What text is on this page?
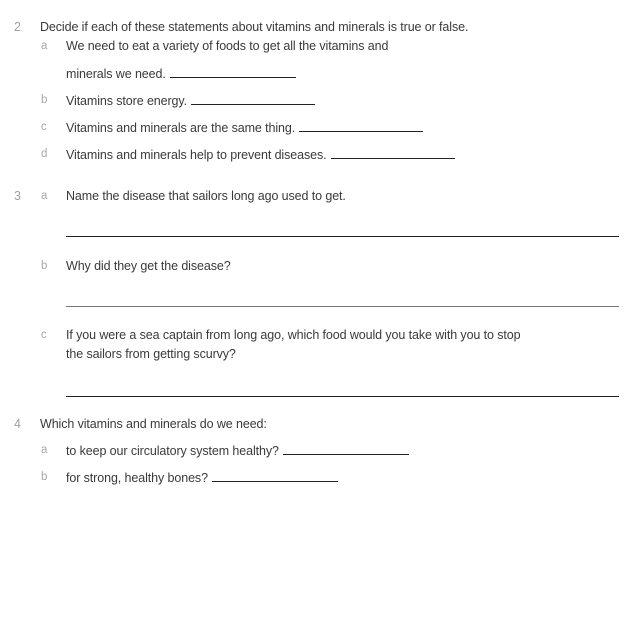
2 Decide if each of these statements about vitamins and minerals is true or false.
a We need to eat a variety of foods to get all the vitamins and
minerals we need.
b Vitamins store energy.
c Vitamins and minerals are the same thing.
d Vitamins and minerals help to prevent diseases.
3 a Name the disease that sailors long ago used to get.
b Why did they get the disease?
c If you were a sea captain from long ago, which food would you take with you to stop
the sailors from getting scurvy?
4 Which vitamins and minerals do we need:
a to keep our circulatory system healthy?
b for strong, healthy bones?
